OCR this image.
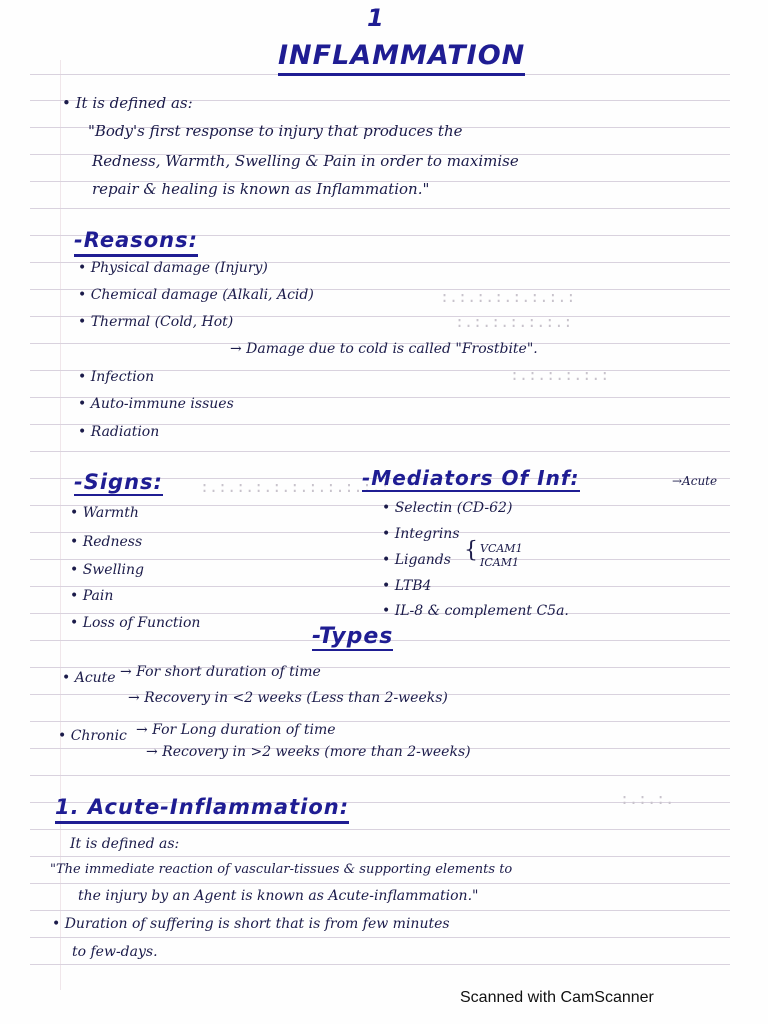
:.:.:.:.:.:.:.:
:.:.:.:.:.:.:
:.:.:.:.:.:
:.:.:.:.:.:.:.:.:.:.:
:.:.:.
1
INFLAMMATION
• It is defined as:
"Body's first response to injury that produces the
Redness, Warmth, Swelling & Pain in order to maximise
repair & healing is known as Inflammation."
-Reasons:
• Physical damage (Injury)
• Chemical damage (Alkali, Acid)
• Thermal (Cold, Hot)
→ Damage due to cold is called "Frostbite".
• Infection
• Auto-immune issues
• Radiation
-Signs:
• Warmth
• Redness
• Swelling
• Pain
• Loss of Function
-Mediators Of Inf:	→Acute
• Selectin (CD-62)
• Integrins
• Ligands { VCAM1
ICAM1
• LTB4
• IL-8 & complement C5a.
-Types
• Acute → For short duration of time
→ Recovery in <2 weeks (Less than 2-weeks)
• Chronic → For Long duration of time
→ Recovery in >2 weeks (more than 2-weeks)
1. Acute-Inflammation:
It is defined as:
"The immediate reaction of vascular-tissues & supporting elements to
the injury by an Agent is known as Acute-inflammation."
• Duration of suffering is short that is from few minutes
to few-days.
Scanned with CamScanner
